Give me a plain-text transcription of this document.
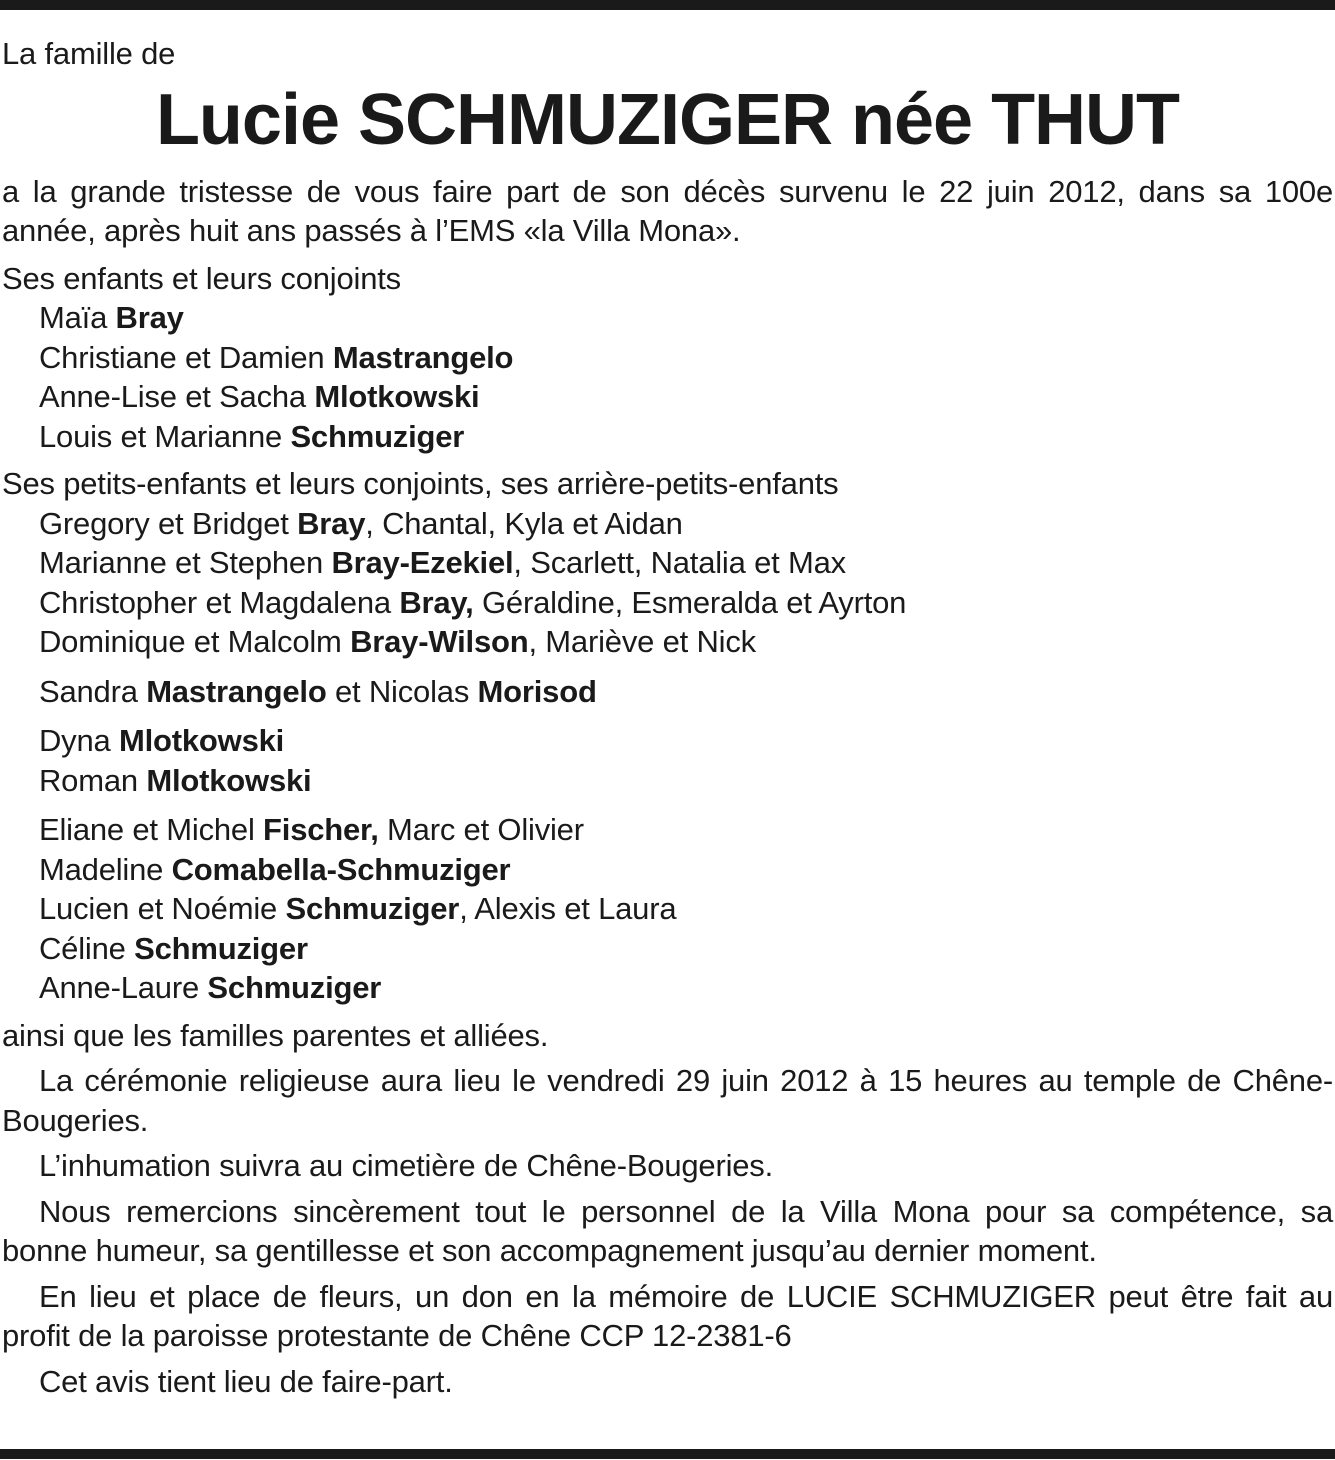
La famille de

Lucie SCHMUZIGER née THUT

a la grande tristesse de vous faire part de son décès survenu le 22 juin 2012, dans sa 100e année, après huit ans passés à l’EMS «la Villa Mona».

Ses enfants et leurs conjoints

Maïa Bray
Christiane et Damien Mastrangelo
Anne-Lise et Sacha Mlotkowski
Louis et Marianne Schmuziger

Ses petits-enfants et leurs conjoints, ses arrière-petits-enfants

Gregory et Bridget Bray, Chantal, Kyla et Aidan
Marianne et Stephen Bray-Ezekiel, Scarlett, Natalia et Max
Christopher et Magdalena Bray, Géraldine, Esmeralda et Ayrton
Dominique et Malcolm Bray-Wilson, Mariève et Nick
Sandra Mastrangelo et Nicolas Morisod
Dyna Mlotkowski
Roman Mlotkowski
Eliane et Michel Fischer, Marc et Olivier
Madeline Comabella-Schmuziger
Lucien et Noémie Schmuziger, Alexis et Laura
Céline Schmuziger
Anne-Laure Schmuziger

ainsi que les familles parentes et alliées.

La cérémonie religieuse aura lieu le vendredi 29 juin 2012 à 15 heures au temple de Chêne-Bougeries.

L’inhumation suivra au cimetière de Chêne-Bougeries.

Nous remercions sincèrement tout le personnel de la Villa Mona pour sa compétence, sa bonne humeur, sa gentillesse et son accompagnement jusqu’au dernier moment.

En lieu et place de fleurs, un don en la mémoire de LUCIE SCHMUZIGER peut être fait au profit de la paroisse protestante de Chêne CCP 12-2381-6

Cet avis tient lieu de faire-part.
